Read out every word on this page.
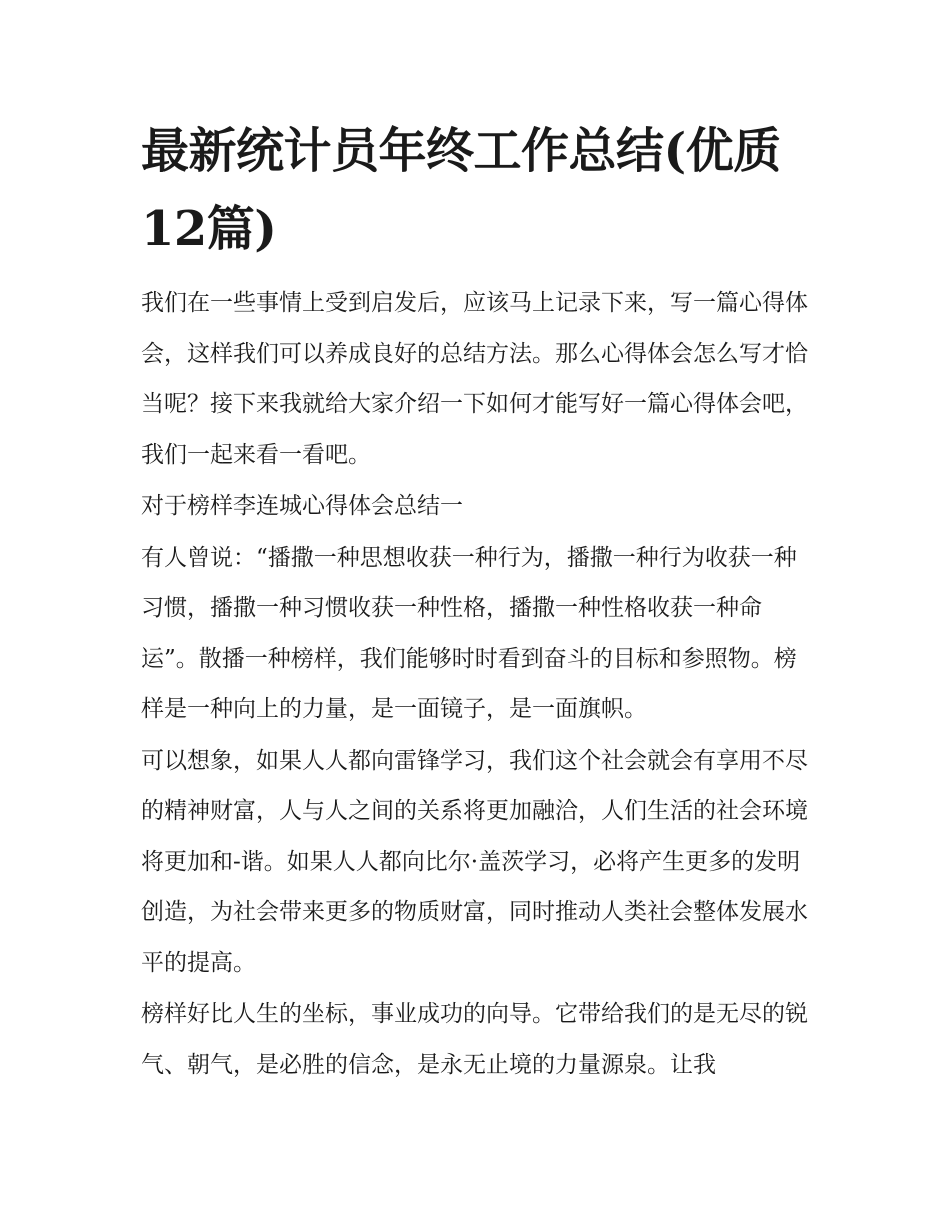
最新统计员年终工作总结(优质12篇)

我们在一些事情上受到启发后，应该马上记录下来，写一篇心得体会，这样我们可以养成良好的总结方法。那么心得体会怎么写才恰当呢？接下来我就给大家介绍一下如何才能写好一篇心得体会吧，我们一起来看一看吧。

对于榜样李连城心得体会总结一

有人曾说：“播撒一种思想收获一种行为，播撒一种行为收获一种习惯，播撒一种习惯收获一种性格，播撒一种性格收获一种命运”。散播一种榜样，我们能够时时看到奋斗的目标和参照物。榜样是一种向上的力量，是一面镜子，是一面旗帜。

可以想象，如果人人都向雷锋学习，我们这个社会就会有享用不尽的精神财富，人与人之间的关系将更加融洽，人们生活的社会环境将更加和-谐。如果人人都向比尔·盖茨学习，必将产生更多的发明创造，为社会带来更多的物质财富，同时推动人类社会整体发展水平的提高。

榜样好比人生的坐标，事业成功的向导。它带给我们的是无尽的锐气、朝气，是必胜的信念，是永无止境的力量源泉。让我
